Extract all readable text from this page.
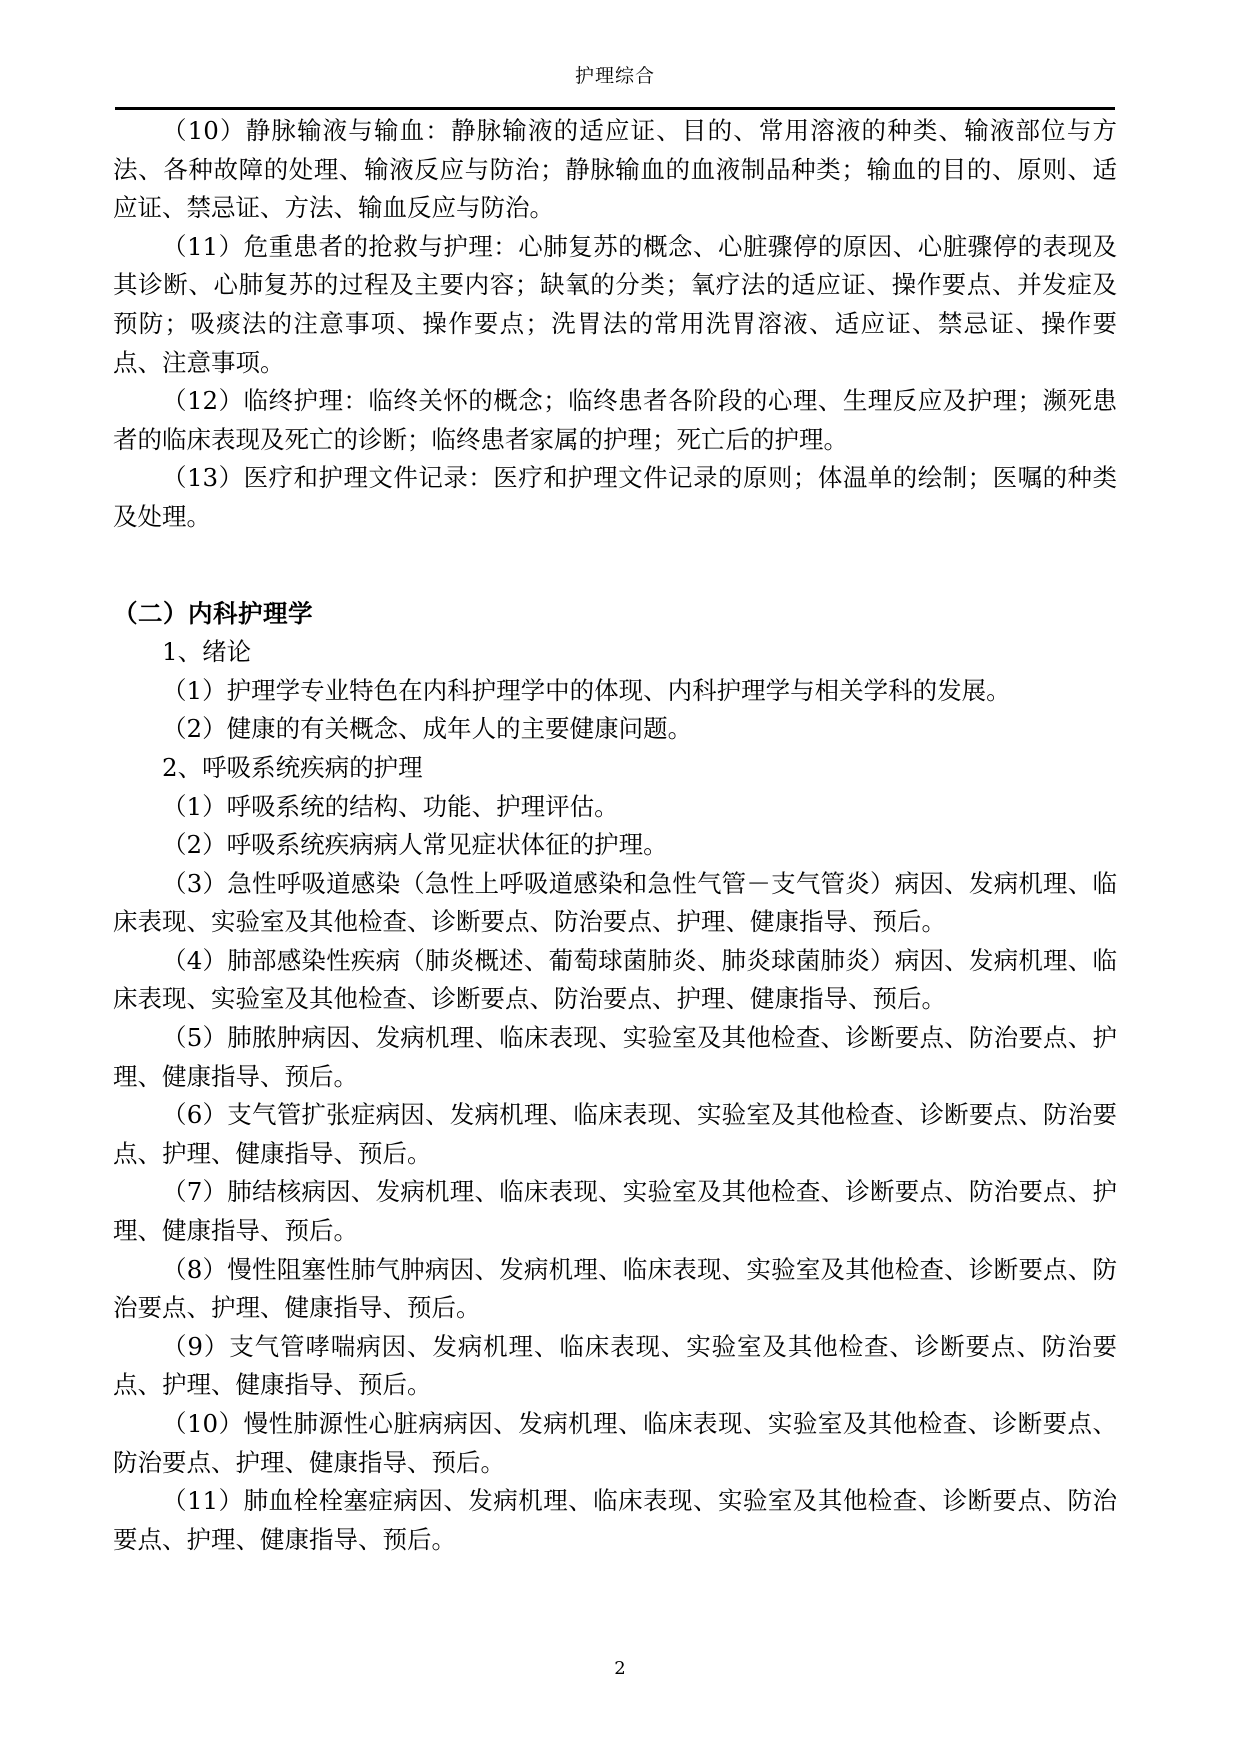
护理综合

（10）静脉输液与输血：静脉输液的适应证、目的、常用溶液的种类、输液部位与方法、各种故障的处理、输液反应与防治；静脉输血的血液制品种类；输血的目的、原则、适应证、禁忌证、方法、输血反应与防治。

（11）危重患者的抢救与护理：心肺复苏的概念、心脏骤停的原因、心脏骤停的表现及其诊断、心肺复苏的过程及主要内容；缺氧的分类；氧疗法的适应证、操作要点、并发症及预防；吸痰法的注意事项、操作要点；洗胃法的常用洗胃溶液、适应证、禁忌证、操作要点、注意事项。

（12）临终护理：临终关怀的概念；临终患者各阶段的心理、生理反应及护理；濒死患者的临床表现及死亡的诊断；临终患者家属的护理；死亡后的护理。

（13）医疗和护理文件记录：医疗和护理文件记录的原则；体温单的绘制；医嘱的种类及处理。

（二）内科护理学

1、绪论

（1）护理学专业特色在内科护理学中的体现、内科护理学与相关学科的发展。

（2）健康的有关概念、成年人的主要健康问题。

2、呼吸系统疾病的护理

（1）呼吸系统的结构、功能、护理评估。

（2）呼吸系统疾病病人常见症状体征的护理。

（3）急性呼吸道感染（急性上呼吸道感染和急性气管－支气管炎）病因、发病机理、临床表现、实验室及其他检查、诊断要点、防治要点、护理、健康指导、预后。

（4）肺部感染性疾病（肺炎概述、葡萄球菌肺炎、肺炎球菌肺炎）病因、发病机理、临床表现、实验室及其他检查、诊断要点、防治要点、护理、健康指导、预后。

（5）肺脓肿病因、发病机理、临床表现、实验室及其他检查、诊断要点、防治要点、护理、健康指导、预后。

（6）支气管扩张症病因、发病机理、临床表现、实验室及其他检查、诊断要点、防治要点、护理、健康指导、预后。

（7）肺结核病因、发病机理、临床表现、实验室及其他检查、诊断要点、防治要点、护理、健康指导、预后。

（8）慢性阻塞性肺气肿病因、发病机理、临床表现、实验室及其他检查、诊断要点、防治要点、护理、健康指导、预后。

（9）支气管哮喘病因、发病机理、临床表现、实验室及其他检查、诊断要点、防治要点、护理、健康指导、预后。

（10）慢性肺源性心脏病病因、发病机理、临床表现、实验室及其他检查、诊断要点、防治要点、护理、健康指导、预后。

（11）肺血栓栓塞症病因、发病机理、临床表现、实验室及其他检查、诊断要点、防治要点、护理、健康指导、预后。

2
